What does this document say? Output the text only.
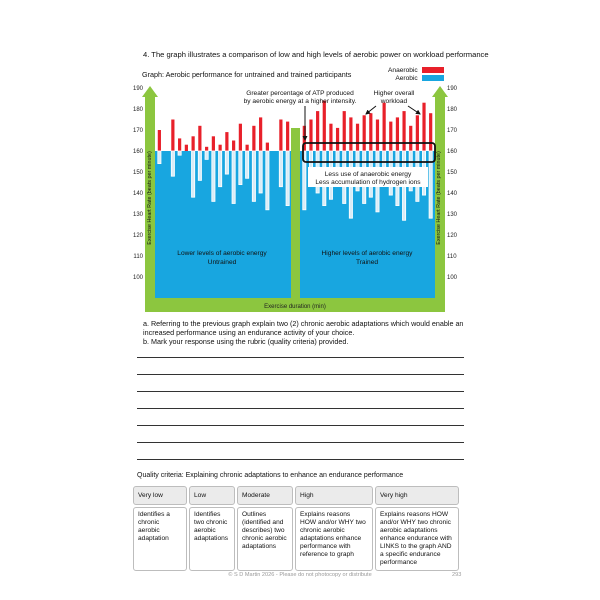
4. The graph illustrates a comparison of low and high levels of aerobic power on workload performance
Graph: Aerobic performance for untrained and trained participants	Anaerobic
Aerobic
Exercise duration (min)
Exercise Heart Rate (beats per minute)	Exercise Heart Rate (beats per minute)
100	100
110	110
120	120
130	130
140	140
150	150
160	160
170	170
180	180
190	190
Lower levels of aerobic energy
Untrained
Higher levels of aerobic energy
Trained
Greater percentage of ATP produced
by aerobic energy at a higher intensity.
Higher overall
workload
Less use of anaerobic energy
Less accumulation of hydrogen ions
a. Referring to the previous graph explain two (2) chronic aerobic adaptations which would enable an increased performance using an endurance activity of your choice.
b. Mark your response using the rubric (quality criteria) provided.
Quality criteria: Explaining chronic adaptations to enhance an endurance performance
Very low	Low	Moderate	High	Very high
Identifies a chronic aerobic adaptation	Identifies two chronic aerobic adaptations	Outlines (identified and describes) two chronic aerobic adaptations	Explains reasons HOW and/or WHY two chronic aerobic adaptations enhance performance with reference to graph	Explains reasons HOW and/or WHY two chronic aerobic adaptations enhance endurance with LINKS to the graph AND a specific endurance performance
© S D Martin 2026 - Please do not photocopy or distribute	293
